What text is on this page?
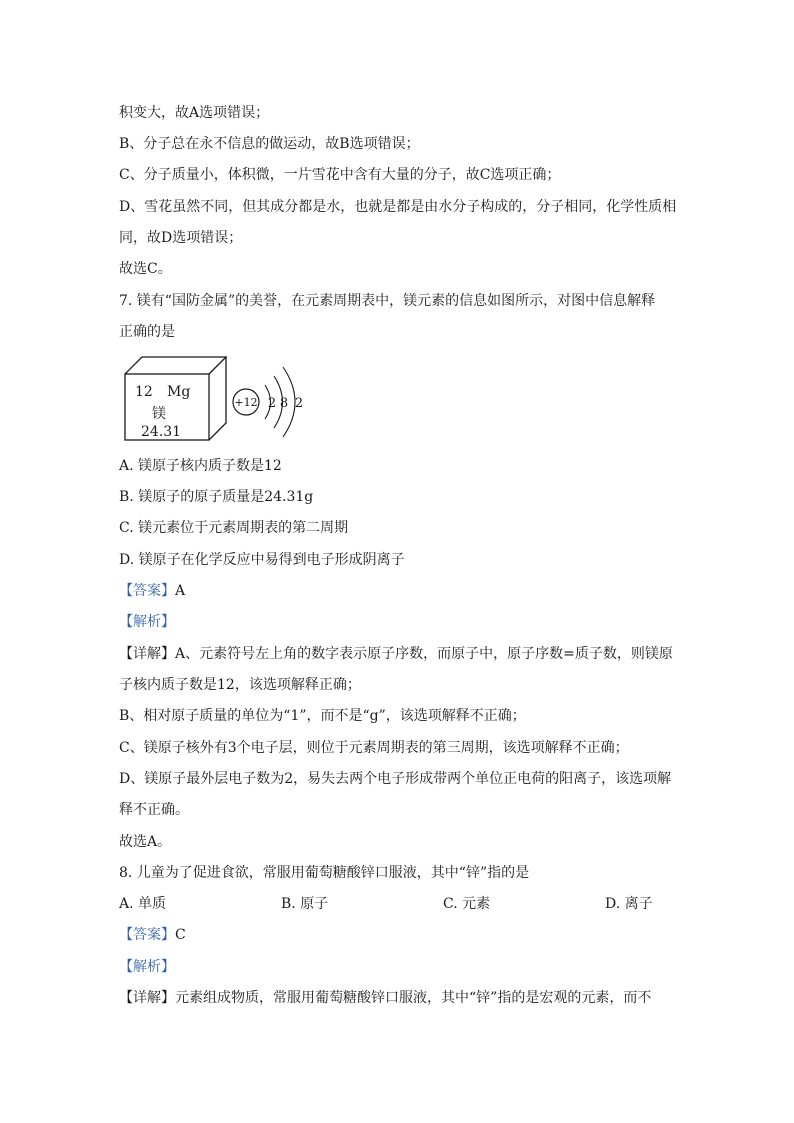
积变大，故A选项错误；
B、分子总在永不信息的做运动，故B选项错误；
C、分子质量小，体积微，一片雪花中含有大量的分子，故C选项正确；
D、雪花虽然不同，但其成分都是水，也就是都是由水分子构成的，分子相同，化学性质相
同，故D选项错误；
故选C。
7. 镁有“国防金属”的美誉，在元素周期表中，镁元素的信息如图所示，对图中信息解释
正确的是
12 Mg
镁
24.31
+12 2 8 2
A. 镁原子核内质子数是12
B. 镁原子的原子质量是24.31g
C. 镁元素位于元素周期表的第二周期
D. 镁原子在化学反应中易得到电子形成阴离子
【答案】A
【解析】
【详解】A、元素符号左上角的数字表示原子序数，而原子中，原子序数=质子数，则镁原
子核内质子数是12，该选项解释正确；
B、相对原子质量的单位为“1”，而不是“g”，该选项解释不正确；
C、镁原子核外有3个电子层，则位于元素周期表的第三周期，该选项解释不正确；
D、镁原子最外层电子数为2，易失去两个电子形成带两个单位正电荷的阳离子，该选项解
释不正确。
故选A。
8. 儿童为了促进食欲，常服用葡萄糖酸锌口服液，其中“锌”指的是
A. 单质	B. 原子	C. 元素	D. 离子
【答案】C
【解析】
【详解】元素组成物质，常服用葡萄糖酸锌口服液，其中“锌”指的是宏观的元素，而不
